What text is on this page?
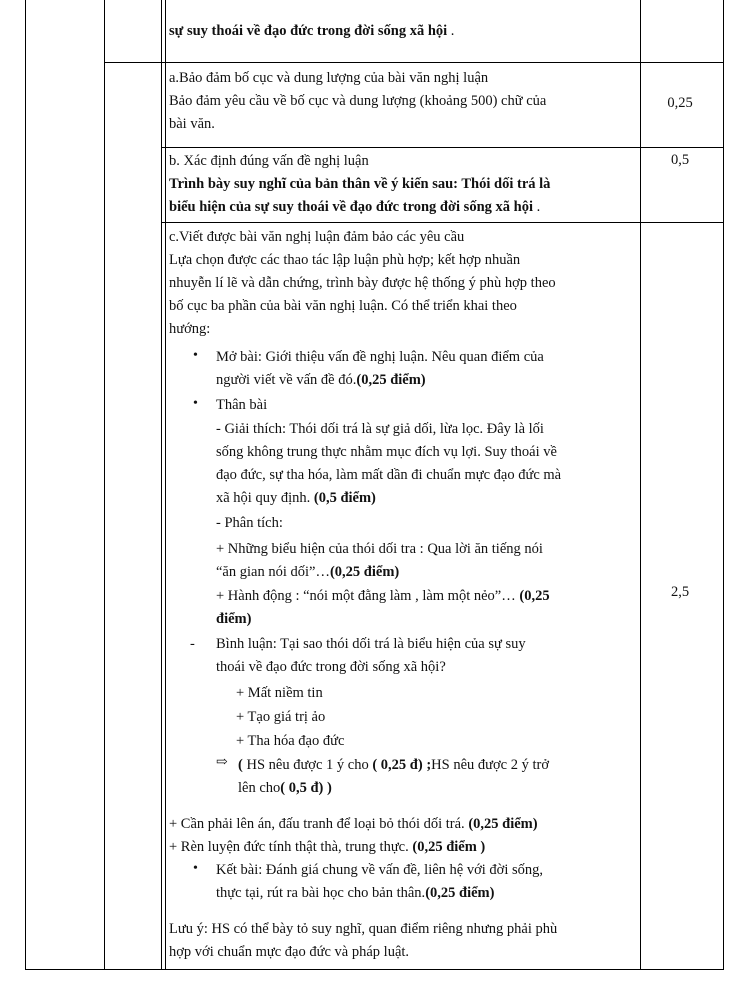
sự suy thoái về đạo đức trong đời sống xã hội .
a.Bảo đảm bố cục và dung lượng của bài văn nghị luận
Bảo đảm yêu cầu về bố cục và dung lượng (khoảng 500) chữ của
bài văn.
0,25
b. Xác định đúng vấn đề nghị luận
Trình bày suy nghĩ của bản thân về ý kiến sau: Thói dối trá là
biểu hiện của sự suy thoái về đạo đức trong đời sống xã hội .
0,5
c.Viết được bài văn nghị luận đảm bảo các yêu cầu
Lựa chọn được các thao tác lập luận phù hợp; kết hợp nhuần
nhuyễn lí lẽ và dẫn chứng, trình bày được hệ thống ý phù hợp theo
bố cục ba phần của bài văn nghị luận. Có thể triển khai theo
hướng:
• Mở bài: Giới thiệu vấn đề nghị luận. Nêu quan điểm của
người viết về vấn đề đó.(0,25 điểm)
• Thân bài
- Giải thích: Thói dối trá là sự giả dối, lừa lọc. Đây là lối
sống không trung thực nhằm mục đích vụ lợi. Suy thoái về
đạo đức, sự tha hóa, làm mất dần đi chuẩn mực đạo đức mà
xã hội quy định. (0,5 điểm)
- Phân tích:
+ Những biểu hiện của thói dối tra : Qua lời ăn tiếng nói
“ăn gian nói dối”…(0,25 điểm)
+ Hành động : “nói một đằng làm , làm một nẻo”… (0,25
điểm)
2,5
- Bình luận: Tại sao thói dối trá là biểu hiện của sự suy
thoái về đạo đức trong đời sống xã hội?
+ Mất niềm tin
+ Tạo giá trị ảo
+ Tha hóa đạo đức
⇨ ( HS nêu được 1 ý cho ( 0,25 đ) ;HS nêu được 2 ý trở
lên cho( 0,5 đ) )
+ Cần phải lên án, đấu tranh để loại bỏ thói dối trá. (0,25 điểm)
+ Rèn luyện đức tính thật thà, trung thực. (0,25 điểm )
• Kết bài: Đánh giá chung về vấn đề, liên hệ với đời sống,
thực tại, rút ra bài học cho bản thân.(0,25 điểm)
Lưu ý: HS có thể bày tỏ suy nghĩ, quan điểm riêng nhưng phải phù
hợp với chuẩn mực đạo đức và pháp luật.
